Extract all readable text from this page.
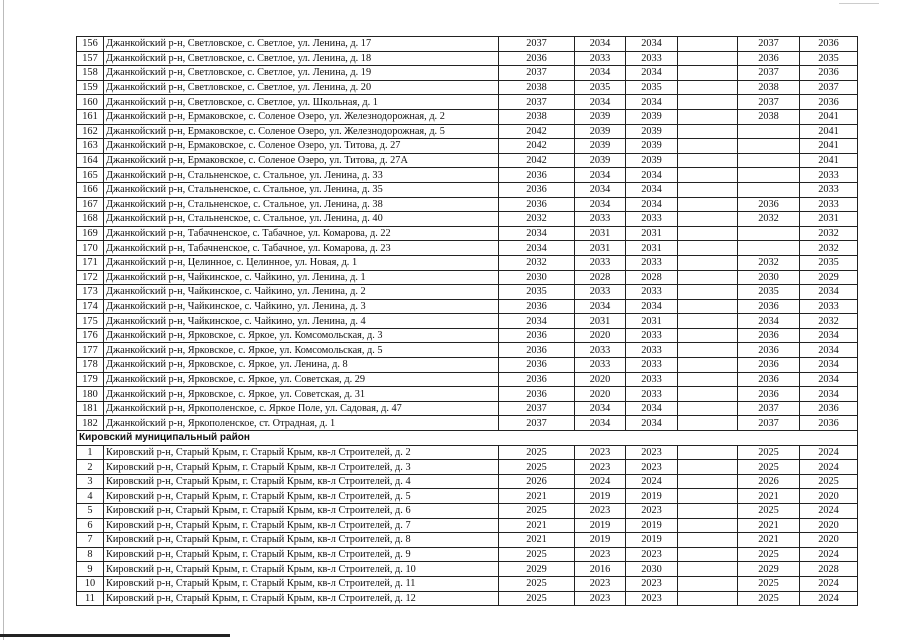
156	Джанкойский р-н, Светловское, с. Светлое, ул. Ленина, д. 17	2037	2034	2034		2037	2036
157	Джанкойский р-н, Светловское, с. Светлое, ул. Ленина, д. 18	2036	2033	2033		2036	2035
158	Джанкойский р-н, Светловское, с. Светлое, ул. Ленина, д. 19	2037	2034	2034		2037	2036
159	Джанкойский р-н, Светловское, с. Светлое, ул. Ленина, д. 20	2038	2035	2035		2038	2037
160	Джанкойский р-н, Светловское, с. Светлое, ул. Школьная, д. 1	2037	2034	2034		2037	2036
161	Джанкойский р-н, Ермаковское, с. Соленое Озеро, ул. Железнодорожная, д. 2	2038	2039	2039		2038	2041
162	Джанкойский р-н, Ермаковское, с. Соленое Озеро, ул. Железнодорожная, д. 5	2042	2039	2039			2041
163	Джанкойский р-н, Ермаковское, с. Соленое Озеро, ул. Титова, д. 27	2042	2039	2039			2041
164	Джанкойский р-н, Ермаковское, с. Соленое Озеро, ул. Титова, д. 27А	2042	2039	2039			2041
165	Джанкойский р-н, Стальненское, с. Стальное, ул. Ленина, д. 33	2036	2034	2034			2033
166	Джанкойский р-н, Стальненское, с. Стальное, ул. Ленина, д. 35	2036	2034	2034			2033
167	Джанкойский р-н, Стальненское, с. Стальное, ул. Ленина, д. 38	2036	2034	2034		2036	2033
168	Джанкойский р-н, Стальненское, с. Стальное, ул. Ленина, д. 40	2032	2033	2033		2032	2031
169	Джанкойский р-н, Табачненское, с. Табачное, ул. Комарова, д. 22	2034	2031	2031			2032
170	Джанкойский р-н, Табачненское, с. Табачное, ул. Комарова, д. 23	2034	2031	2031			2032
171	Джанкойский р-н, Целинное, с. Целинное, ул. Новая, д. 1	2032	2033	2033		2032	2035
172	Джанкойский р-н, Чайкинское, с. Чайкино, ул. Ленина, д. 1	2030	2028	2028		2030	2029
173	Джанкойский р-н, Чайкинское, с. Чайкино, ул. Ленина, д. 2	2035	2033	2033		2035	2034
174	Джанкойский р-н, Чайкинское, с. Чайкино, ул. Ленина, д. 3	2036	2034	2034		2036	2033
175	Джанкойский р-н, Чайкинское, с. Чайкино, ул. Ленина, д. 4	2034	2031	2031		2034	2032
176	Джанкойский р-н, Ярковское, с. Яркое, ул. Комсомольская, д. 3	2036	2020	2033		2036	2034
177	Джанкойский р-н, Ярковское, с. Яркое, ул. Комсомольская, д. 5	2036	2033	2033		2036	2034
178	Джанкойский р-н, Ярковское, с. Яркое, ул. Ленина, д. 8	2036	2033	2033		2036	2034
179	Джанкойский р-н, Ярковское, с. Яркое, ул. Советская, д. 29	2036	2020	2033		2036	2034
180	Джанкойский р-н, Ярковское, с. Яркое, ул. Советская, д. 31	2036	2020	2033		2036	2034
181	Джанкойский р-н, Яркополенское, с. Яркое Поле, ул. Садовая, д. 47	2037	2034	2034		2037	2036
182	Джанкойский р-н, Яркополенское, ст. Отрадная, д. 1	2037	2034	2034		2037	2036
Кировский муниципальный район							
1	Кировский р-н, Старый Крым, г. Старый Крым, кв-л Строителей, д. 2	2025	2023	2023		2025	2024
2	Кировский р-н, Старый Крым, г. Старый Крым, кв-л Строителей, д. 3	2025	2023	2023		2025	2024
3	Кировский р-н, Старый Крым, г. Старый Крым, кв-л Строителей, д. 4	2026	2024	2024		2026	2025
4	Кировский р-н, Старый Крым, г. Старый Крым, кв-л Строителей, д. 5	2021	2019	2019		2021	2020
5	Кировский р-н, Старый Крым, г. Старый Крым, кв-л Строителей, д. 6	2025	2023	2023		2025	2024
6	Кировский р-н, Старый Крым, г. Старый Крым, кв-л Строителей, д. 7	2021	2019	2019		2021	2020
7	Кировский р-н, Старый Крым, г. Старый Крым, кв-л Строителей, д. 8	2021	2019	2019		2021	2020
8	Кировский р-н, Старый Крым, г. Старый Крым, кв-л Строителей, д. 9	2025	2023	2023		2025	2024
9	Кировский р-н, Старый Крым, г. Старый Крым, кв-л Строителей, д. 10	2029	2016	2030		2029	2028
10	Кировский р-н, Старый Крым, г. Старый Крым, кв-л Строителей, д. 11	2025	2023	2023		2025	2024
11	Кировский р-н, Старый Крым, г. Старый Крым, кв-л Строителей, д. 12	2025	2023	2023		2025	2024
